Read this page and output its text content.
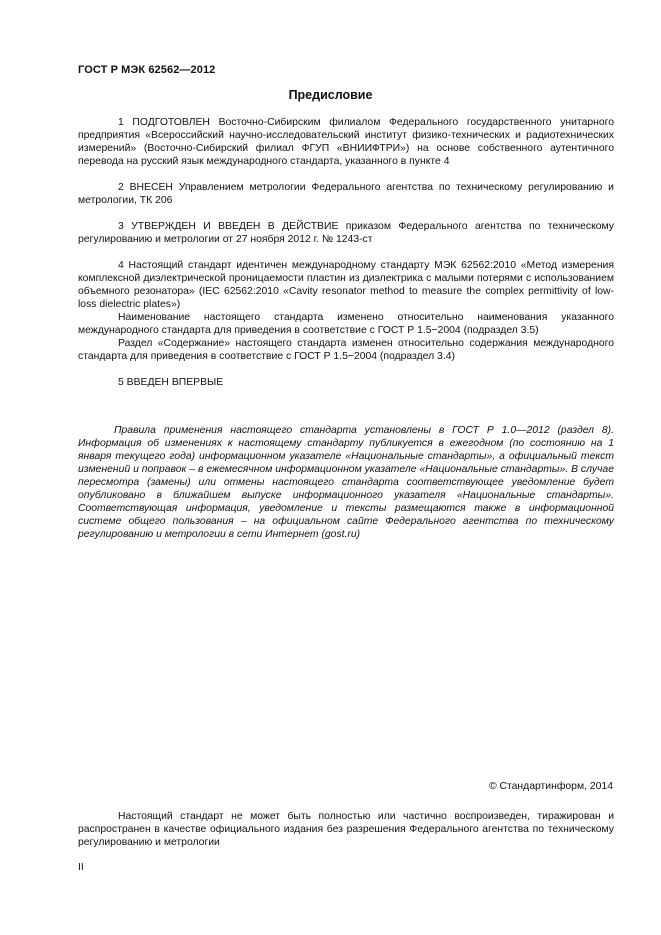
ГОСТ Р МЭК 62562—2012
Предисловие

1 ПОДГОТОВЛЕН Восточно-Сибирским филиалом Федерального государственного унитарного предприятия «Всероссийский научно-исследовательский институт физико-технических и радиотехнических измерений» (Восточно-Сибирский филиал ФГУП «ВНИИФТРИ») на основе собственного аутентичного перевода на русский язык международного стандарта, указанного в пункте 4

2 ВНЕСЕН Управлением метрологии Федерального агентства по техническому регулированию и метрологии, ТК 206

3 УТВЕРЖДЕН И ВВЕДЕН В ДЕЙСТВИЕ приказом Федерального агентства по техническому регулированию и метрологии от 27 ноября 2012 г. № 1243-ст

4 Настоящий стандарт идентичен международному стандарту МЭК 62562:2010 «Метод измерения комплексной диэлектрической проницаемости пластин из диэлектрика с малыми потерями с использованием объемного резонатора» (IEC 62562:2010 «Cavity resonator method to measure the complex permittivity of low-loss dielectric plates»)

Наименование настоящего стандарта изменено относительно наименования указанного международного стандарта для приведения в соответствие с ГОСТ Р 1.5−2004 (подраздел 3.5)

Раздел «Содержание» настоящего стандарта изменен относительно содержания международного стандарта для приведения в соответствие с ГОСТ Р 1.5−2004 (подраздел 3.4)

5 ВВЕДЕН ВПЕРВЫЕ

Правила применения настоящего стандарта установлены в ГОСТ Р 1.0—2012 (раздел 8). Информация об изменениях к настоящему стандарту публикуется в ежегодном (по состоянию на 1 января текущего года) информационном указателе «Национальные стандарты», а официальный текст изменений и поправок – в ежемесячном информационном указателе «Национальные стандарты». В случае пересмотра (замены) или отмены настоящего стандарта соответствующее уведомление будет опубликовано в ближайшем выпуске информационного указателя «Национальные стандарты». Соответствующая информация, уведомление и тексты размещаются также в информационной системе общего пользования – на официальном сайте Федерального агентства по техническому регулированию и метрологии в сети Интернет (gost.ru)

© Стандартинформ, 2014

Настоящий стандарт не может быть полностью или частично воспроизведен, тиражирован и распространен в качестве официального издания без разрешения Федерального агентства по техническому регулированию и метрологии

II
